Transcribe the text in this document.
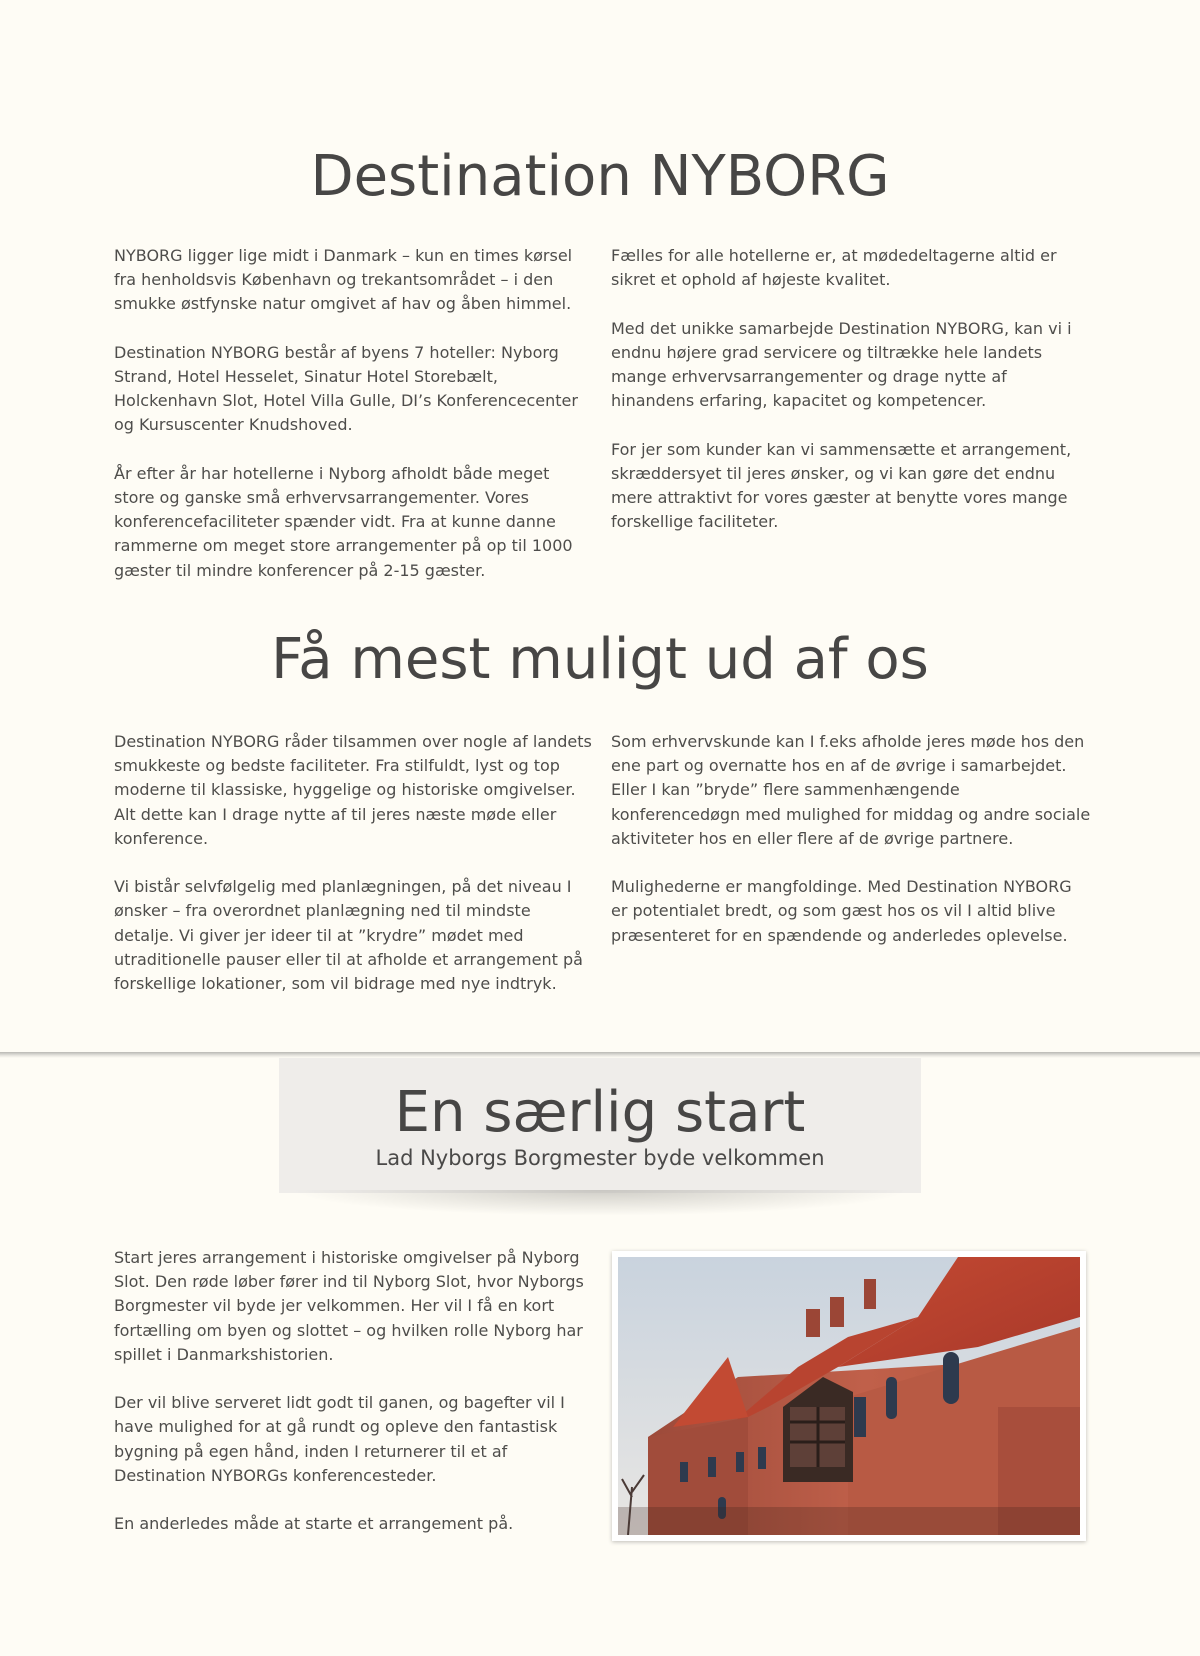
Destination NYBORG

NYBORG ligger lige midt i Danmark – kun en times kørsel fra henholdsvis København og trekantsområdet – i den smukke østfynske natur omgivet af hav og åben himmel.

Destination NYBORG består af byens 7 hoteller: Nyborg Strand, Hotel Hesselet, Sinatur Hotel Storebælt, Holckenhavn Slot, Hotel Villa Gulle, DI’s Konferencecenter og Kursuscenter Knudshoved.

År efter år har hotellerne i Nyborg afholdt både meget store og ganske små erhvervsarrangementer. Vores konferencefaciliteter spænder vidt. Fra at kunne danne rammerne om meget store arrangementer på op til 1000 gæster til mindre konferencer på 2-15 gæster.

Fælles for alle hotellerne er, at mødedeltagerne altid er sikret et ophold af højeste kvalitet.

Med det unikke samarbejde Destination NYBORG, kan vi i endnu højere grad servicere og tiltrække hele landets mange erhvervsarrangementer og drage nytte af hinandens erfaring, kapacitet og kompetencer.

For jer som kunder kan vi sammensætte et arrangement, skræddersyet til jeres ønsker, og vi kan gøre det endnu mere attraktivt for vores gæster at benytte vores mange forskellige faciliteter.

Få mest muligt ud af os

Destination NYBORG råder tilsammen over nogle af landets smukkeste og bedste faciliteter. Fra stilfuldt, lyst og top moderne til klassiske, hyggelige og historiske omgivelser. Alt dette kan I drage nytte af til jeres næste møde eller konference.

Vi bistår selvfølgelig med planlægningen, på det niveau I ønsker – fra overordnet planlægning ned til mindste detalje. Vi giver jer ideer til at ”krydre” mødet med utraditionelle pauser eller til at afholde et arrangement på forskellige lokationer, som vil bidrage med nye indtryk.

Som erhvervskunde kan I f.eks afholde jeres møde hos den ene part og overnatte hos en af de øvrige i samarbejdet. Eller I kan ”bryde” flere sammenhængende konferencedøgn med mulighed for middag og andre sociale aktiviteter hos en eller flere af de øvrige partnere.

Mulighederne er mangfoldinge. Med Destination NYBORG er potentialet bredt, og som gæst hos os vil I altid blive præsenteret for en spændende og anderledes oplevelse.

En særlig start
Lad Nyborgs Borgmester byde velkommen

Start jeres arrangement i historiske omgivelser på Nyborg Slot. Den røde løber fører ind til Nyborg Slot, hvor Nyborgs Borgmester vil byde jer velkommen. Her vil I få en kort fortælling om byen og slottet – og hvilken rolle Nyborg har spillet i Danmarkshistorien.

Der vil blive serveret lidt godt til ganen, og bagefter vil I have mulighed for at gå rundt og opleve den fantastisk bygning på egen hånd, inden I returnerer til et af Destination NYBORGs konferencesteder.

En anderledes måde at starte et arrangement på.
